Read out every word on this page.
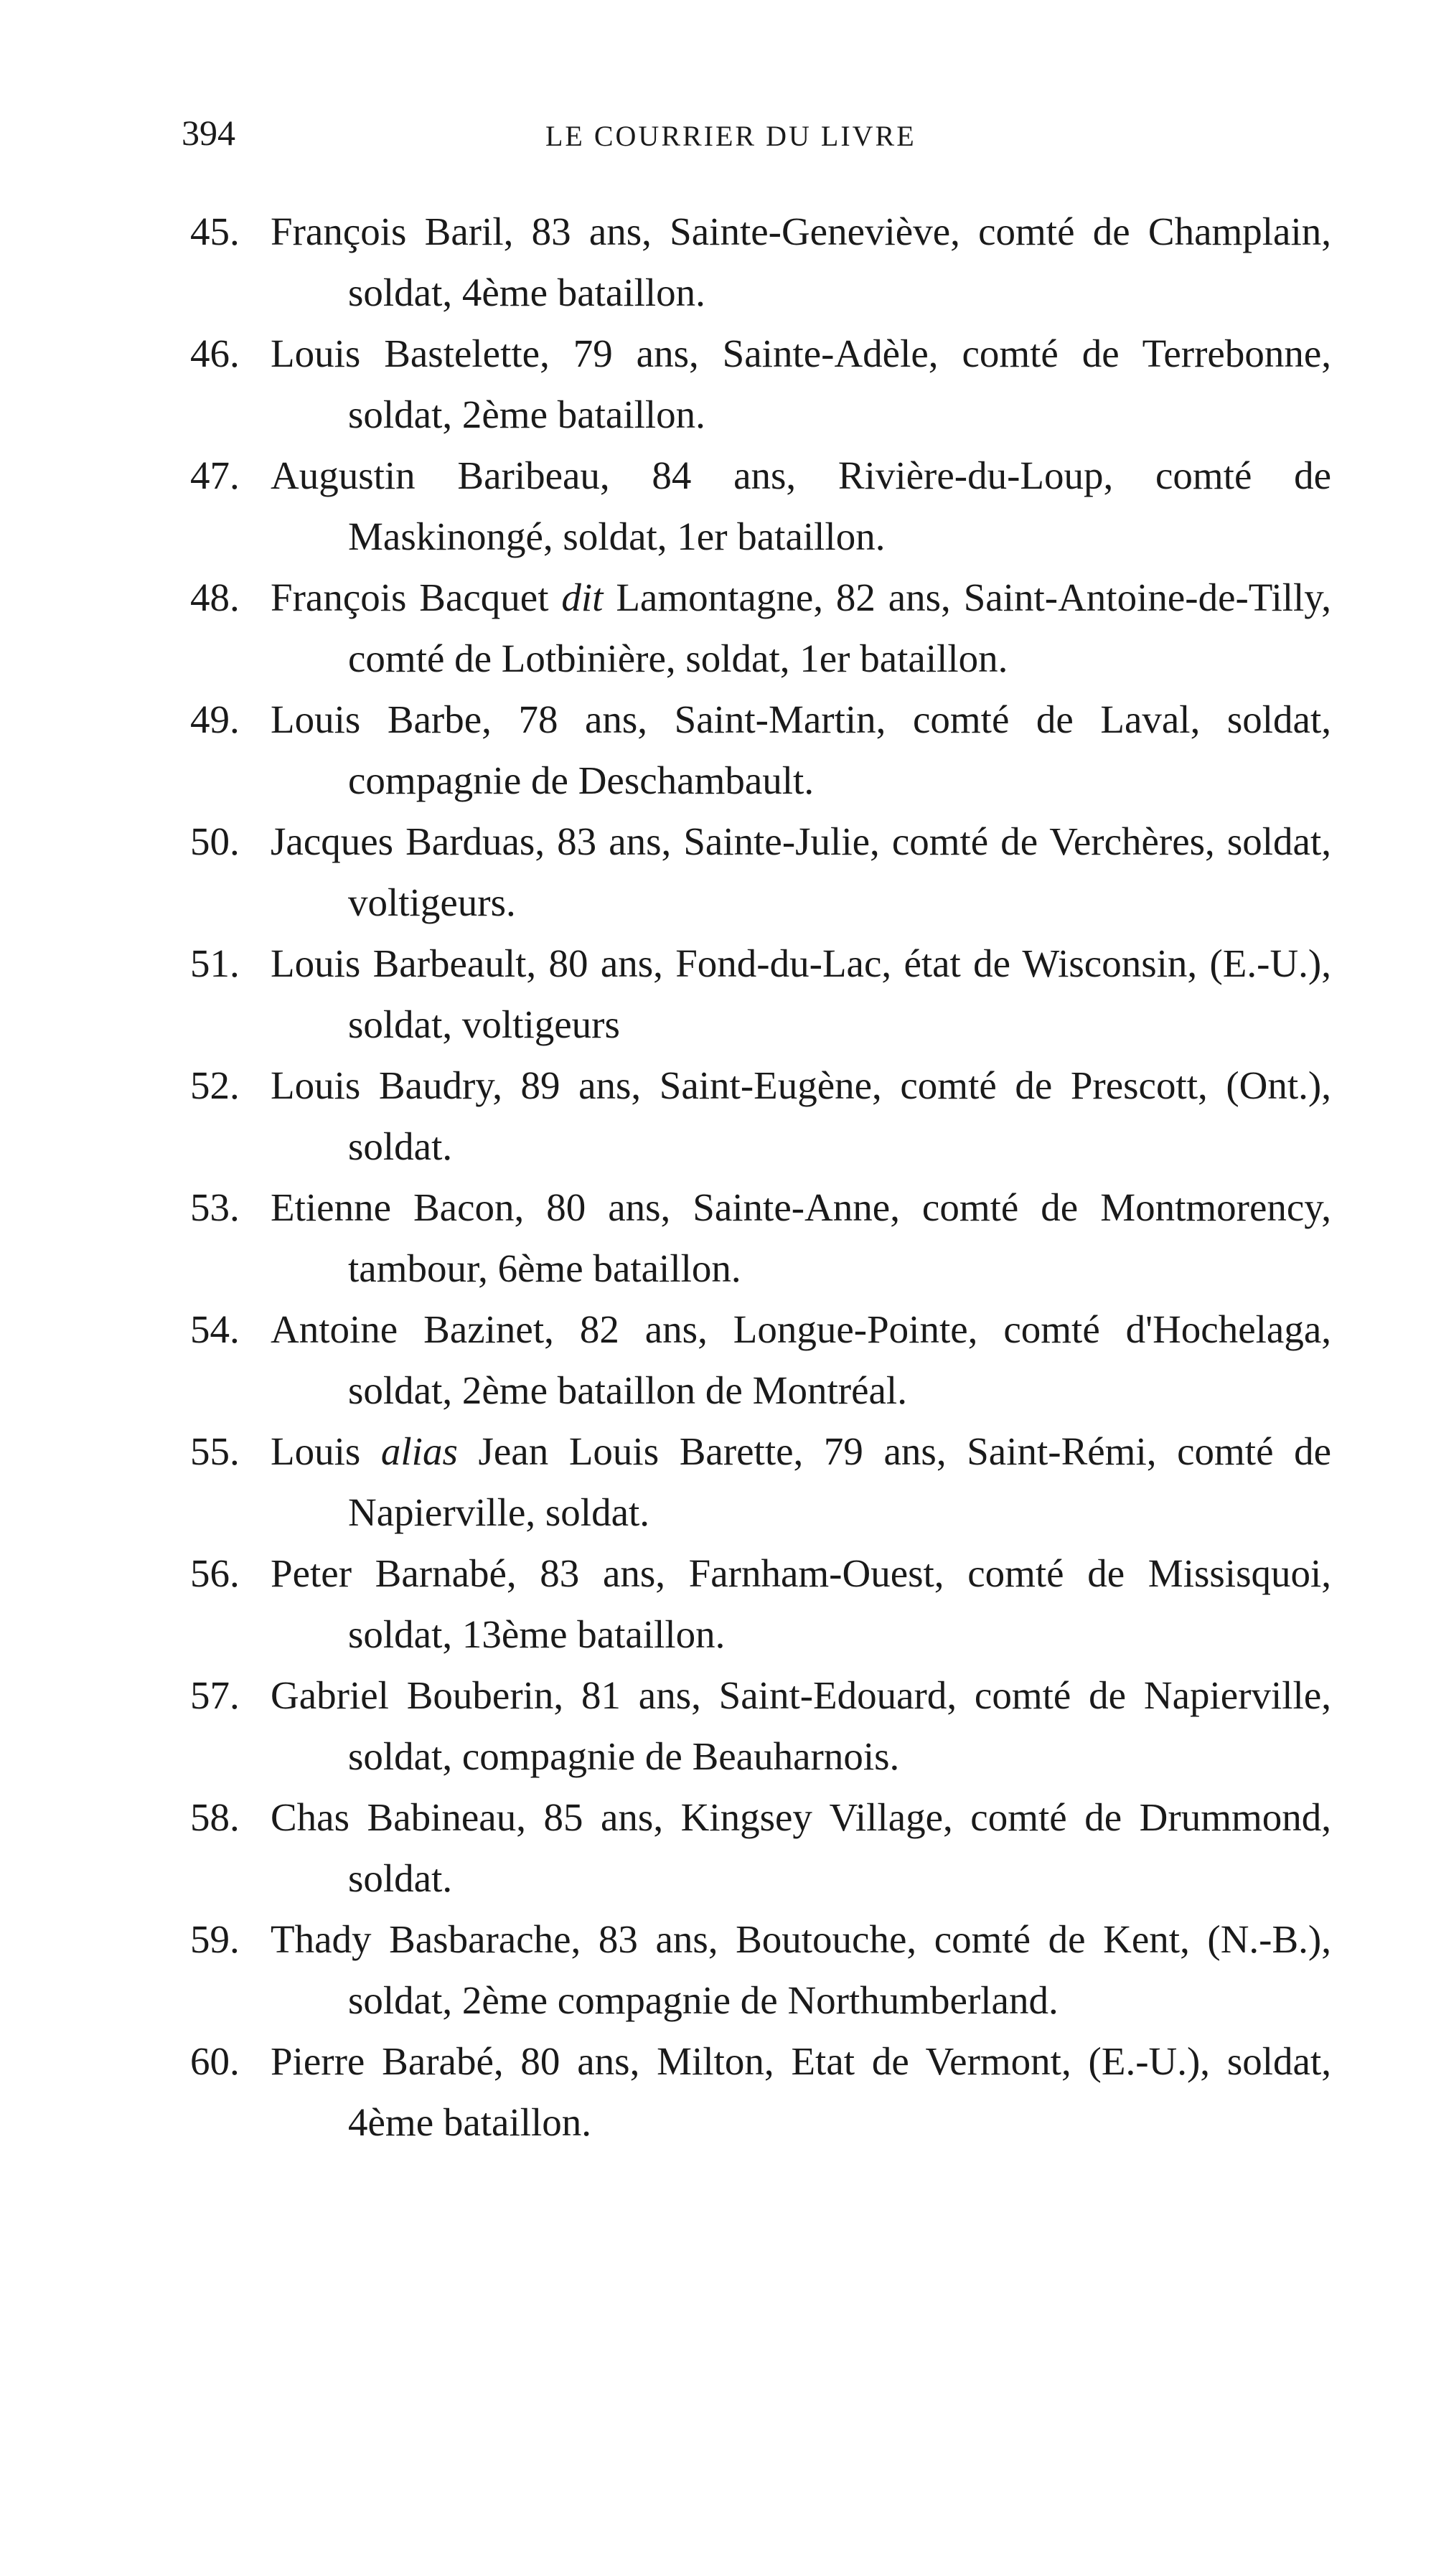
394	LE COURRIER DU LIVRE
45. François Baril, 83 ans, Sainte-Geneviève, comté de Champlain, soldat, 4ème bataillon.
46. Louis Bastelette, 79 ans, Sainte-Adèle, comté de Terrebonne, soldat, 2ème bataillon.
47. Augustin Baribeau, 84 ans, Rivière-du-Loup, comté de Maskinongé, soldat, 1er bataillon.
48. François Bacquet dit Lamontagne, 82 ans, Saint-Antoine-de-Tilly, comté de Lotbinière, soldat, 1er bataillon.
49. Louis Barbe, 78 ans, Saint-Martin, comté de Laval, soldat, compagnie de Deschambault.
50. Jacques Barduas, 83 ans, Sainte-Julie, comté de Verchères, soldat, voltigeurs.
51. Louis Barbeault, 80 ans, Fond-du-Lac, état de Wisconsin, (E.-U.), soldat, voltigeurs
52. Louis Baudry, 89 ans, Saint-Eugène, comté de Prescott, (Ont.), soldat.
53. Etienne Bacon, 80 ans, Sainte-Anne, comté de Montmorency, tambour, 6ème bataillon.
54. Antoine Bazinet, 82 ans, Longue-Pointe, comté d'Hochelaga, soldat, 2ème bataillon de Montréal.
55. Louis alias Jean Louis Barette, 79 ans, Saint-Rémi, comté de Napierville, soldat.
56. Peter Barnabé, 83 ans, Farnham-Ouest, comté de Missisquoi, soldat, 13ème bataillon.
57. Gabriel Bouberin, 81 ans, Saint-Edouard, comté de Napierville, soldat, compagnie de Beauharnois.
58. Chas Babineau, 85 ans, Kingsey Village, comté de Drummond, soldat.
59. Thady Basbarache, 83 ans, Boutouche, comté de Kent, (N.-B.), soldat, 2ème compagnie de Northumberland.
60. Pierre Barabé, 80 ans, Milton, Etat de Vermont, (E.-U.), soldat, 4ème bataillon.
